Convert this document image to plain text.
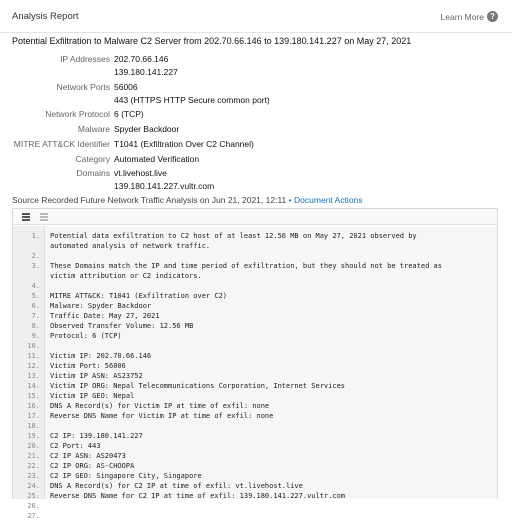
Analysis Report	Learn More ?
Potential Exfiltration to Malware C2 Server from 202.70.66.146 to 139.180.141.227 on May 27, 2021
IP Addresses 202.70.66.146
139.180.141.227
Network Ports 56006
443 (HTTPS HTTP Secure common port)
Network Protocol 6 (TCP)
Malware Spyder Backdoor
MITRE ATT&CK Identifier T1041 (Exfiltration Over C2 Channel)
Category Automated Verification
Domains vt.livehost.live
139.180.141.227.vultr.com
Source Recorded Future Network Traffic Analysis on Jun 21, 2021, 12:11 • Document Actions
1. Potential data exfiltration to C2 host of at least 12.56 MB on May 27, 2021 observed by
automated analysis of network traffic.
2.
3. These Domains match the IP and time period of exfiltration, but they should not be treated as
victim attribution or C2 indicators.
4.
5. MITRE ATT&CK: T1041 (Exfiltration over C2)
6. Malware: Spyder Backdoor
7. Traffic Date: May 27, 2021
8. Observed Transfer Volume: 12.56 MB
9. Protocol: 6 (TCP)
10.
11. Victim IP: 202.70.66.146
12. Victim Port: 56006
13. Victim IP ASN: AS23752
14. Victim IP ORG: Nepal Telecommunications Corporation, Internet Services
15. Victim IP GEO: Nepal
16. DNS A Record(s) for Victim IP at time of exfil: none
17. Reverse DNS Name for Victim IP at time of exfil: none
18.
19. C2 IP: 139.180.141.227
20. C2 Port: 443
21. C2 IP ASN: AS20473
22. C2 IP ORG: AS-CHOOPA
23. C2 IP GEO: Singapore City, Singapore
24. DNS A Record(s) for C2 IP at time of exfil: vt.livehost.live
25. Reverse DNS Name for C2 IP at time of exfil: 139.180.141.227.vultr.com
26.
27.
